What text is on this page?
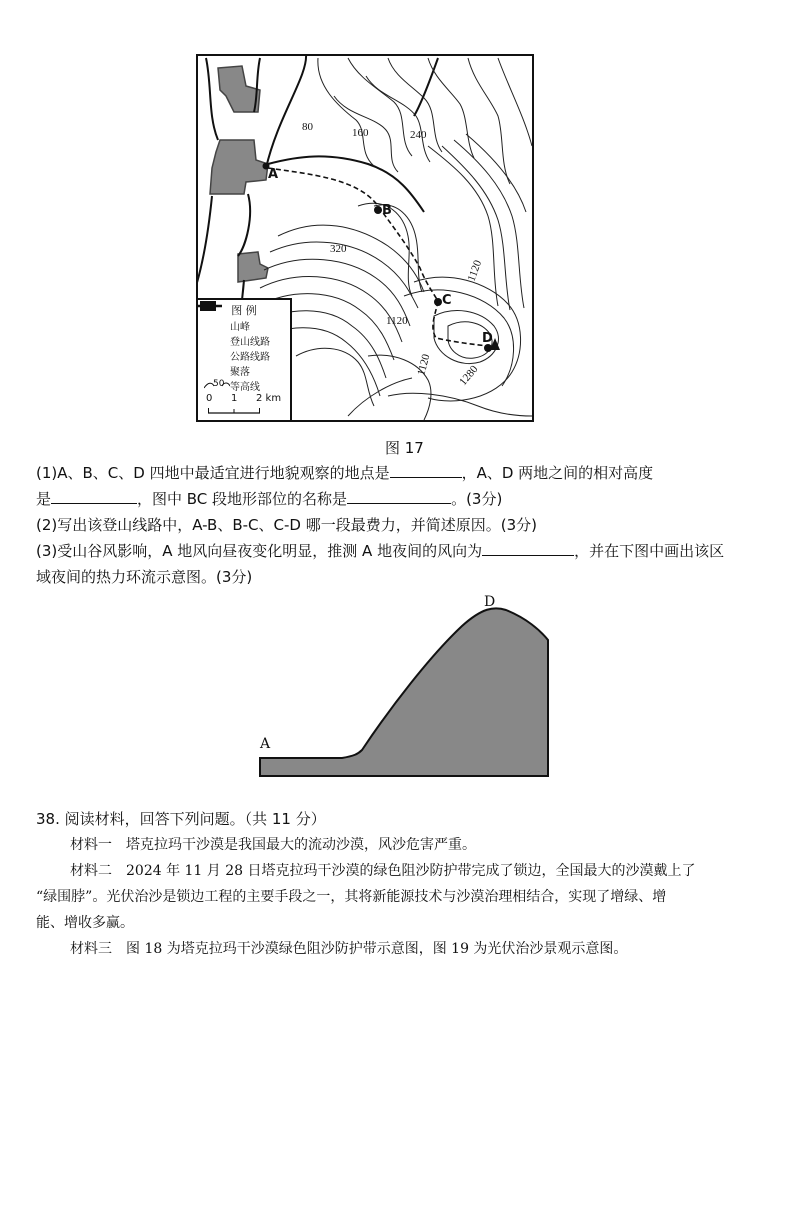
A
B
C
D
80	160	240
320
1120
1120
1120 1280
图 例
山峰
登山线路
公路线路
聚落
50 等高线
0 1 2 km
图 17
(1)A、B、C、D 四地中最适宜进行地貌观察的地点是	，A、D 两地之间的相对高度
是	，图中 BC 段地形部位的名称是	。(3分)
(2)写出该登山线路中，A-B、B-C、C-D 哪一段最费力，并简述原因。(3分)
(3)受山谷风影响，A 地风向昼夜变化明显，推测 A 地夜间的风向为	，并在下图中画出该区
域夜间的热力环流示意图。(3分)
A
D
38. 阅读材料，回答下列问题。（共 11 分）
材料一　塔克拉玛干沙漠是我国最大的流动沙漠，风沙危害严重。
材料二　2024 年 11 月 28 日塔克拉玛干沙漠的绿色阻沙防护带完成了锁边，全国最大的沙漠戴上了
“绿围脖”。光伏治沙是锁边工程的主要手段之一，其将新能源技术与沙漠治理相结合，实现了增绿、增
能、增收多赢。
材料三　图 18 为塔克拉玛干沙漠绿色阻沙防护带示意图，图 19 为光伏治沙景观示意图。
